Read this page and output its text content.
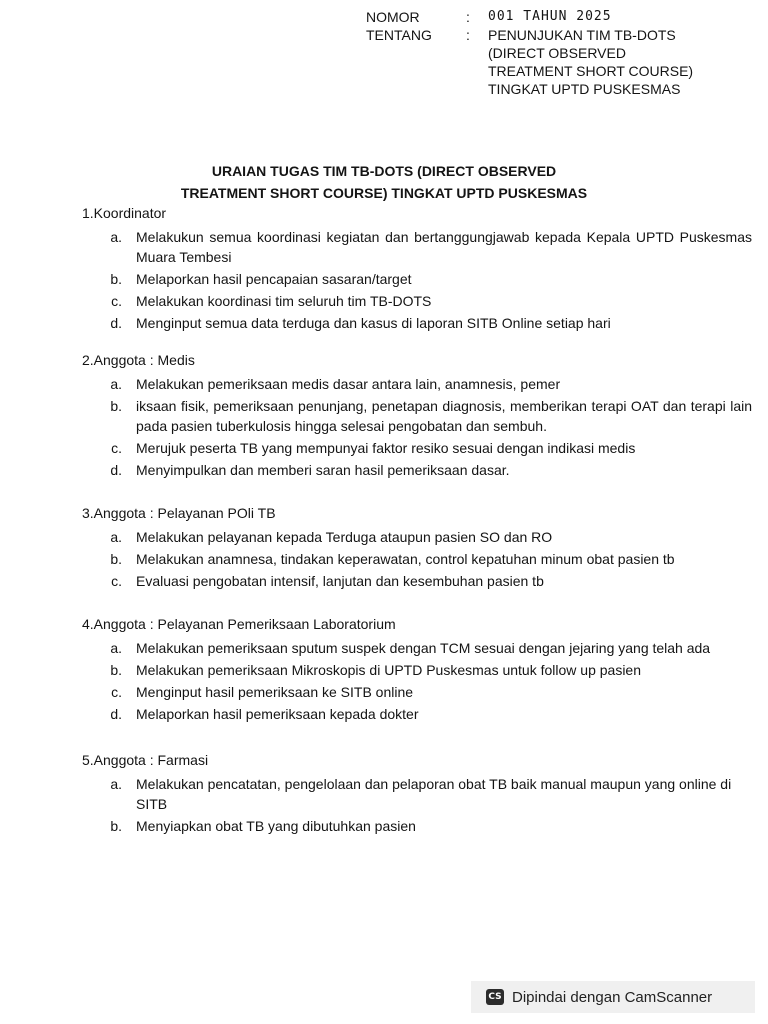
NOMOR	:	001 TAHUN 2025
TENTANG	:	PENUNJUKAN TIM TB-DOTS
(DIRECT OBSERVED
TREATMENT SHORT COURSE)
TINGKAT UPTD PUSKESMAS
URAIAN TUGAS TIM TB-DOTS (DIRECT OBSERVED
TREATMENT SHORT COURSE) TINGKAT UPTD PUSKESMAS
1.Koordinator
a.	Melakukun semua koordinasi kegiatan dan bertanggungjawab kepada Kepala UPTD Puskesmas Muara Tembesi
b.	Melaporkan hasil pencapaian sasaran/target
c.	Melakukan koordinasi tim seluruh tim TB-DOTS
d.	Menginput semua data terduga dan kasus di laporan SITB Online setiap hari
2.Anggota : Medis
a.	Melakukan pemeriksaan medis dasar antara lain, anamnesis, pemer
b.	iksaan fisik, pemeriksaan penunjang, penetapan diagnosis, memberikan terapi OAT dan terapi lain pada pasien tuberkulosis hingga selesai pengobatan dan sembuh.
c.	Merujuk peserta TB yang mempunyai faktor resiko sesuai dengan indikasi medis
d.	Menyimpulkan dan memberi saran hasil pemeriksaan dasar.
3.Anggota : Pelayanan POli TB
a.	Melakukan pelayanan kepada Terduga ataupun pasien SO dan RO
b.	Melakukan anamnesa, tindakan keperawatan, control kepatuhan minum obat pasien tb
c.	Evaluasi pengobatan intensif, lanjutan dan kesembuhan pasien tb
4.Anggota : Pelayanan Pemeriksaan Laboratorium
a.	Melakukan pemeriksaan sputum suspek dengan TCM sesuai dengan jejaring yang telah ada
b.	Melakukan pemeriksaan Mikroskopis di UPTD Puskesmas untuk follow up pasien
c.	Menginput hasil pemeriksaan ke SITB online
d.	Melaporkan hasil pemeriksaan kepada dokter
5.Anggota : Farmasi
a.	Melakukan pencatatan, pengelolaan dan pelaporan obat TB baik manual maupun yang online di SITB
b.	Menyiapkan obat TB yang dibutuhkan pasien
CS Dipindai dengan CamScanner
